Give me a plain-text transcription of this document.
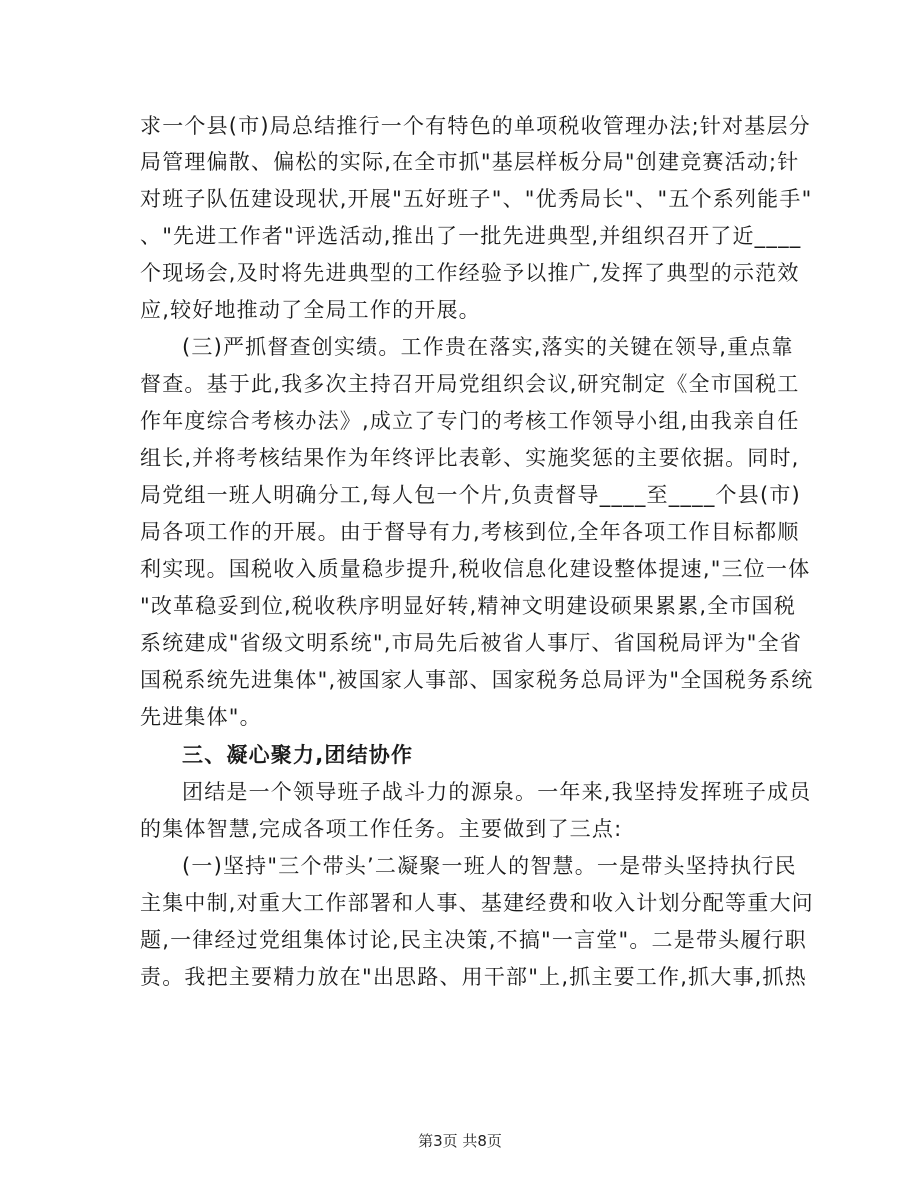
求一个县(市)局总结推行一个有特色的单项税收管理办法;针对基层分
局管理偏散、偏松的实际,在全市抓"基层样板分局"创建竞赛活动;针
对班子队伍建设现状,开展"五好班子"、"优秀局长"、"五个系列能手"
、"先进工作者"评选活动,推出了一批先进典型,并组织召开了近____
个现场会,及时将先进典型的工作经验予以推广,发挥了典型的示范效
应,较好地推动了全局工作的开展。
(三)严抓督查创实绩。工作贵在落实,落实的关键在领导,重点靠
督查。基于此,我多次主持召开局党组织会议,研究制定《全市国税工
作年度综合考核办法》,成立了专门的考核工作领导小组,由我亲自任
组长,并将考核结果作为年终评比表彰、实施奖惩的主要依据。同时,
局党组一班人明确分工,每人包一个片,负责督导____至____个县(市)
局各项工作的开展。由于督导有力,考核到位,全年各项工作目标都顺
利实现。国税收入质量稳步提升,税收信息化建设整体提速,"三位一体
"改革稳妥到位,税收秩序明显好转,精神文明建设硕果累累,全市国税
系统建成"省级文明系统",市局先后被省人事厅、省国税局评为"全省
国税系统先进集体",被国家人事部、国家税务总局评为"全国税务系统
先进集体"。
三、凝心聚力,团结协作
团结是一个领导班子战斗力的源泉。一年来,我坚持发挥班子成员
的集体智慧,完成各项工作任务。主要做到了三点:
(一)坚持"三个带头’二凝聚一班人的智慧。一是带头坚持执行民
主集中制,对重大工作部署和人事、基建经费和收入计划分配等重大问
题,一律经过党组集体讨论,民主决策,不搞"一言堂"。二是带头履行职
责。我把主要精力放在"出思路、用干部"上,抓主要工作,抓大事,抓热
第3页 共8页
